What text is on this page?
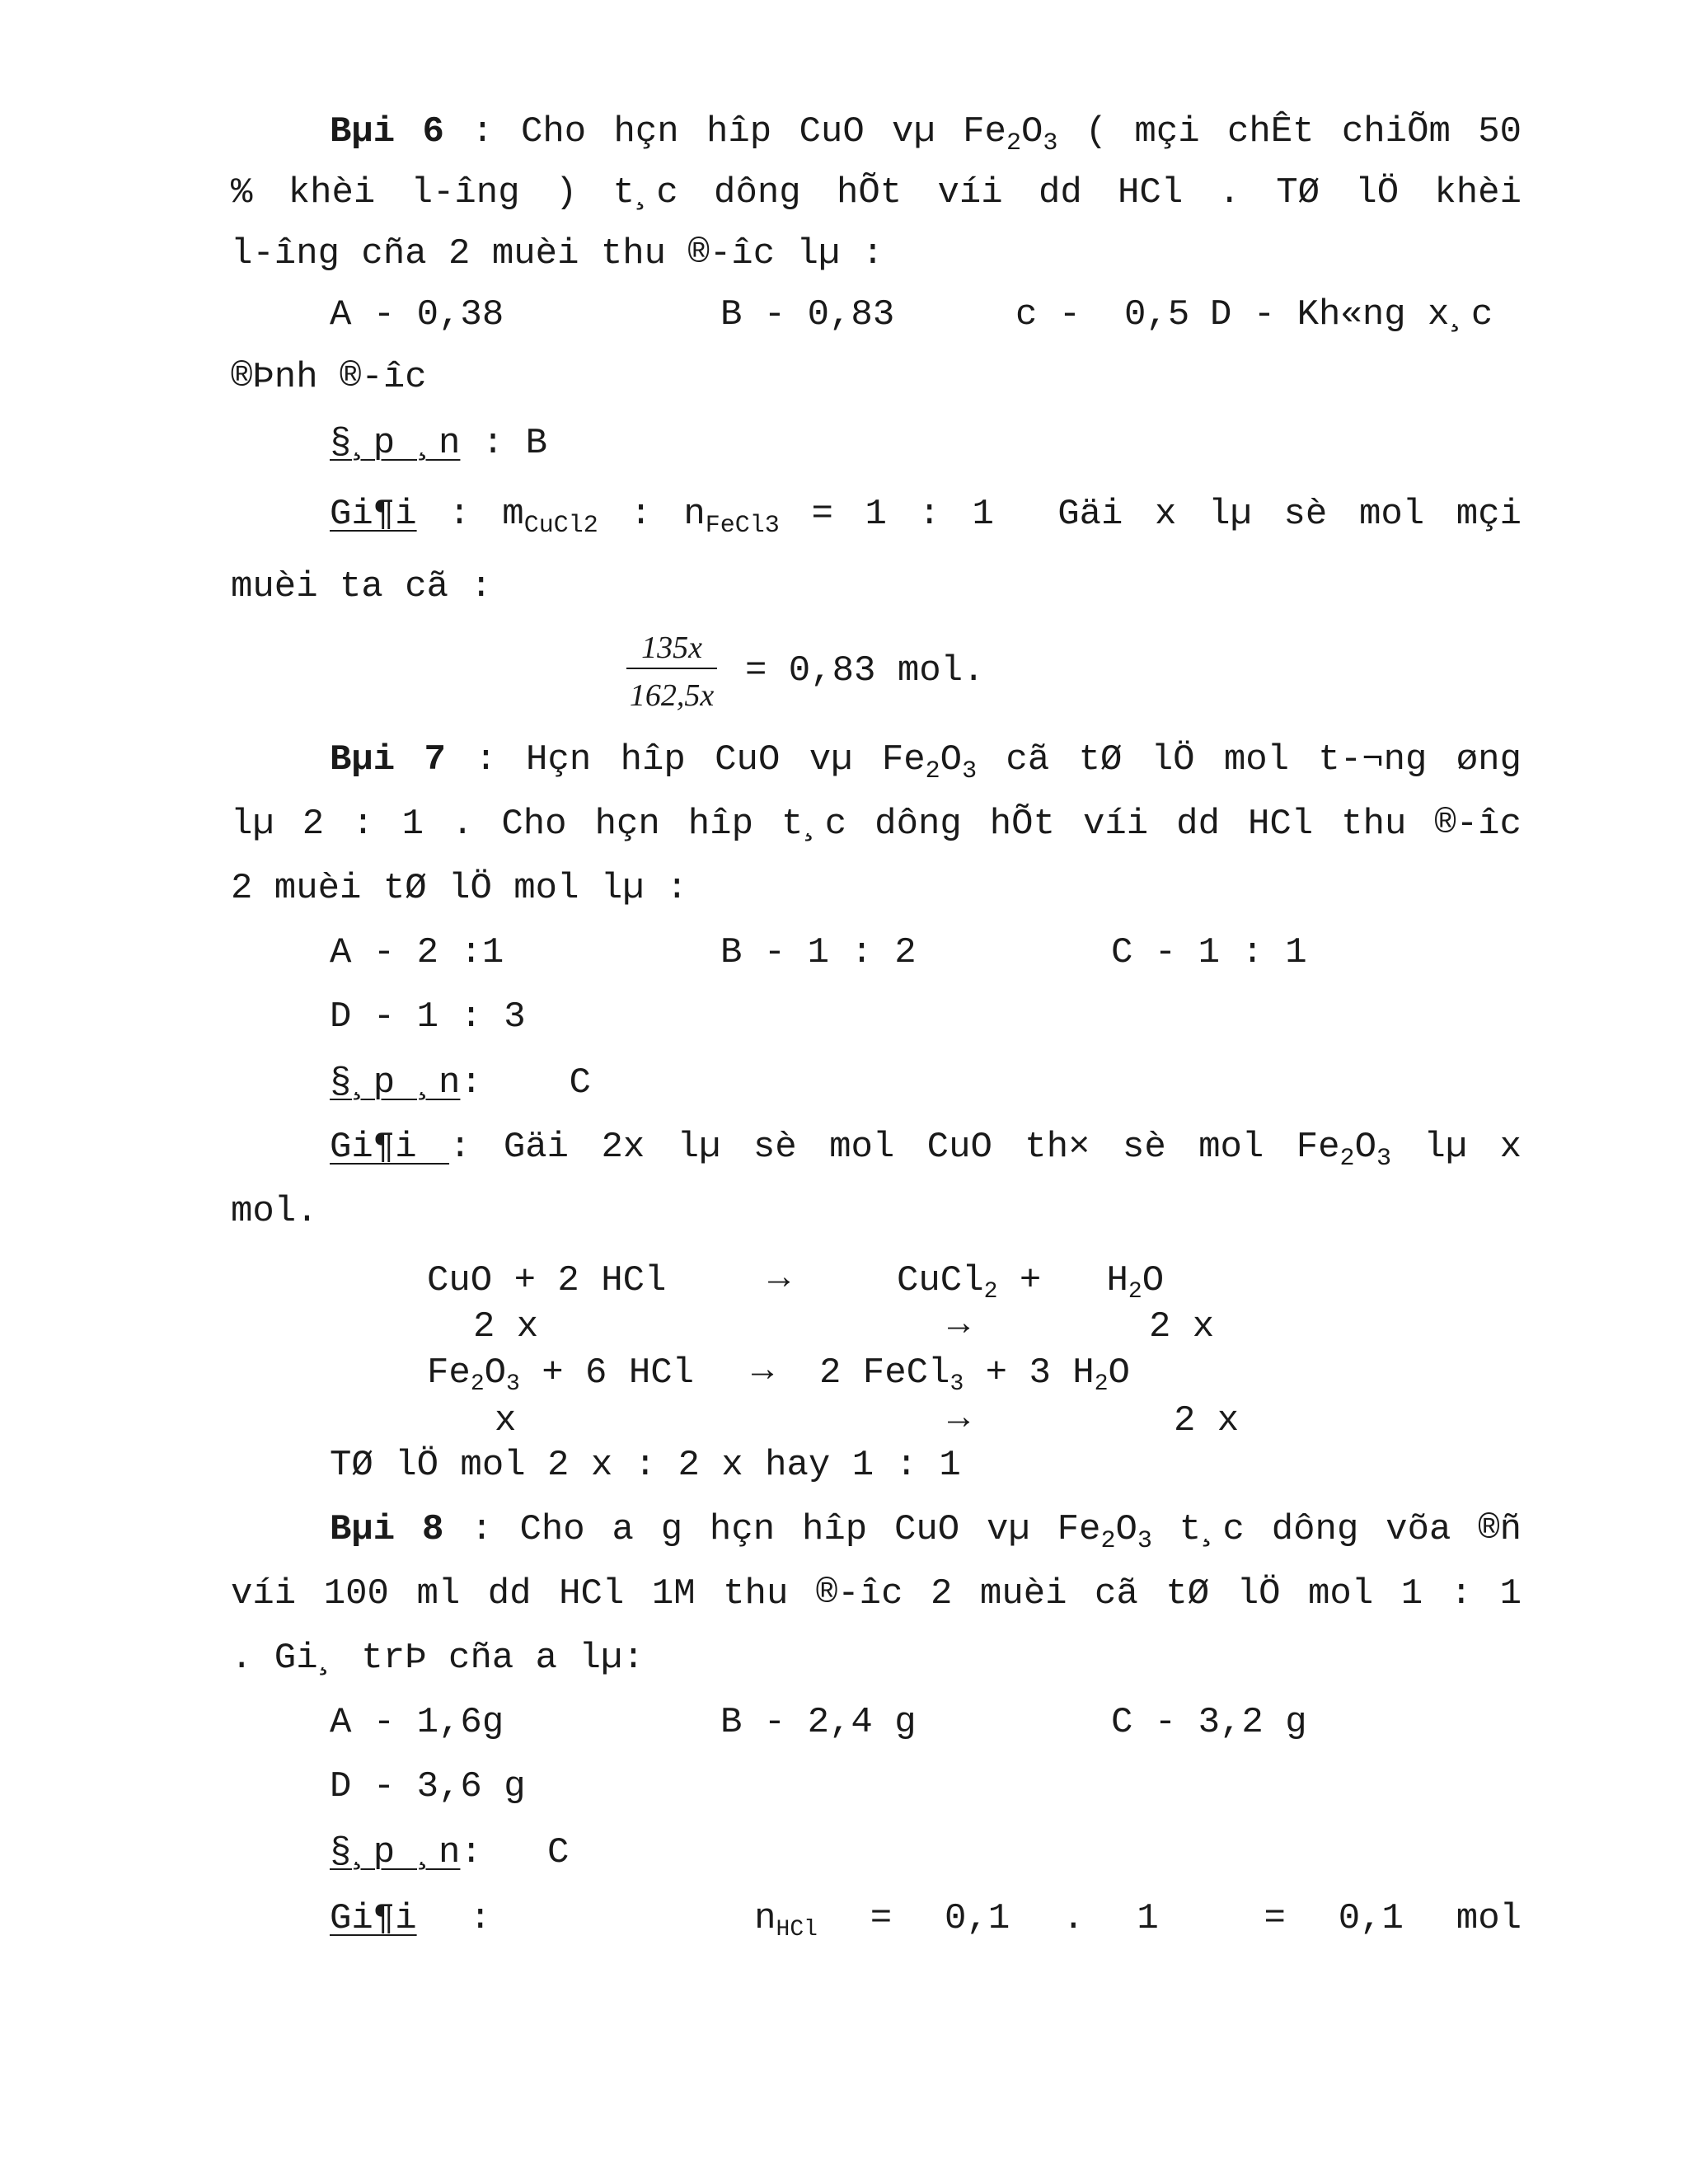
Bµi 6 : Cho hçn hîp CuO vµ $Fe_2O_3$ ( mçi chÊt chiÕm 50
% khèi l-îng ) t¸c dông hÕt víi dd HCl . TØ lÖ khèi
l-îng cña 2 muèi thu ®-îc lµ :
A - 0,38	B - 0,83	c -  0,5 D - Kh«ng x¸c
®Þnh ®-îc
§¸p ¸n : B
Gi¶i : $m_{CuCl2}$ : $n_{FeCl3} = 1$ : 1  Gäi x lµ sè mol mçi
muèi ta cã :
135x
162,5x
= 0,83 mol.
Bµi 7 : Hçn hîp CuO vµ $Fe_2O_3$ cã tØ lÖ mol t-¬ng øng
lµ 2 : 1 . Cho hçn hîp t¸c dông hÕt víi dd HCl thu ®-îc
2 muèi tØ lÖ mol lµ :
A - 2 :1	B - 1 : 2	C - 1 : 1
D - 1 : 3
§¸p ¸n:    C
Gi¶i : Gäi 2x lµ sè mol CuO th× sè mol $Fe_2O_3$ lµ x
mol.
CuO + 2 HCl	→	CuCl$_2$ +   $H_2O$
2 x	→	2 x
$Fe_2O_3 + 6$ HCl → 2 FeCl$_3$ + 3 $H_2O$
x	→	2 x
TØ lÖ mol 2 x : 2 x hay 1 : 1
Bµi 8 : Cho a g hçn hîp CuO vµ $Fe_2O_3$ t¸c dông võa ®ñ
víi 100 ml dd HCl 1M thu ®-îc 2 muèi cã tØ lÖ mol 1 : 1
. Gi¸ trÞ cña a lµ:
A - 1,6g	B - 2,4 g	C - 3,2 g
D - 3,6 g
§¸p ¸n:   C
Gi¶i :     $n_{HCl} = 0,1$ . 1  = 0,1 mol
